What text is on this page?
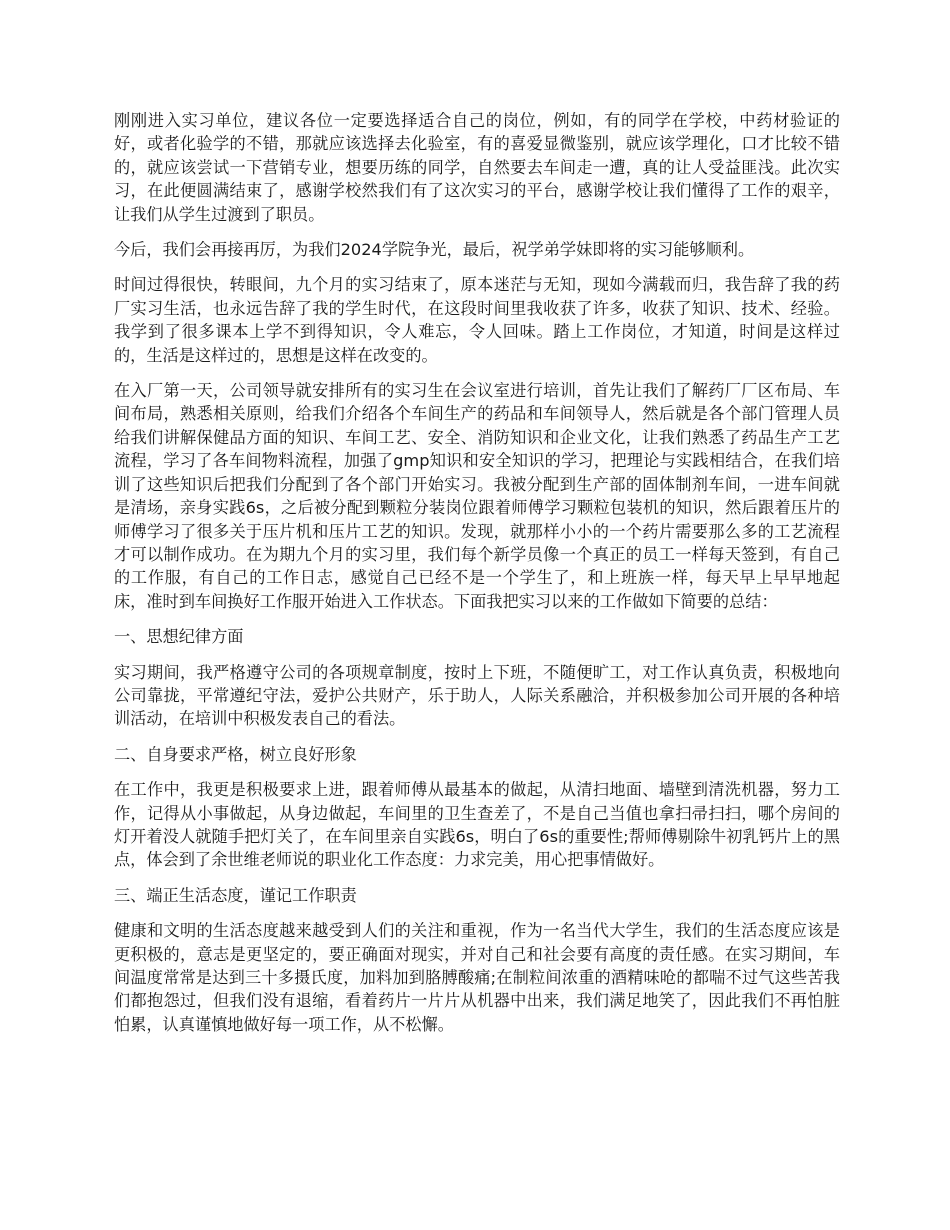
刚刚进入实习单位，建议各位一定要选择适合自己的岗位，例如，有的同学在学校，中药材验证的好，或者化验学的不错，那就应该选择去化验室，有的喜爱显微鉴别，就应该学理化，口才比较不错的，就应该尝试一下营销专业，想要历练的同学，自然要去车间走一遭，真的让人受益匪浅。此次实习，在此便圆满结束了，感谢学校然我们有了这次实习的平台，感谢学校让我们懂得了工作的艰辛，让我们从学生过渡到了职员。

今后，我们会再接再厉，为我们2024学院争光，最后，祝学弟学妹即将的实习能够顺利。

时间过得很快，转眼间，九个月的实习结束了，原本迷茫与无知，现如今满载而归，我告辞了我的药厂实习生活，也永远告辞了我的学生时代，在这段时间里我收获了许多，收获了知识、技术、经验。我学到了很多课本上学不到得知识，令人难忘，令人回味。踏上工作岗位，才知道，时间是这样过的，生活是这样过的，思想是这样在改变的。

在入厂第一天，公司领导就安排所有的实习生在会议室进行培训，首先让我们了解药厂厂区布局、车间布局，熟悉相关原则，给我们介绍各个车间生产的药品和车间领导人，然后就是各个部门管理人员给我们讲解保健品方面的知识、车间工艺、安全、消防知识和企业文化，让我们熟悉了药品生产工艺流程，学习了各车间物料流程，加强了gmp知识和安全知识的学习，把理论与实践相结合，在我们培训了这些知识后把我们分配到了各个部门开始实习。我被分配到生产部的固体制剂车间，一进车间就是清场，亲身实践6s，之后被分配到颗粒分装岗位跟着师傅学习颗粒包装机的知识，然后跟着压片的师傅学习了很多关于压片机和压片工艺的知识。发现，就那样小小的一个药片需要那么多的工艺流程才可以制作成功。在为期九个月的实习里，我们每个新学员像一个真正的员工一样每天签到，有自己的工作服，有自己的工作日志，感觉自己已经不是一个学生了，和上班族一样，每天早上早早地起床，准时到车间换好工作服开始进入工作状态。下面我把实习以来的工作做如下简要的总结：

一、思想纪律方面

实习期间，我严格遵守公司的各项规章制度，按时上下班，不随便旷工，对工作认真负责，积极地向公司靠拢，平常遵纪守法，爱护公共财产，乐于助人，人际关系融洽，并积极参加公司开展的各种培训活动，在培训中积极发表自己的看法。

二、自身要求严格，树立良好形象

在工作中，我更是积极要求上进，跟着师傅从最基本的做起，从清扫地面、墙壁到清洗机器，努力工作，记得从小事做起，从身边做起，车间里的卫生查差了，不是自己当值也拿扫帚扫扫，哪个房间的灯开着没人就随手把灯关了，在车间里亲自实践6s，明白了6s的重要性;帮师傅剔除牛初乳钙片上的黑点，体会到了余世维老师说的职业化工作态度：力求完美，用心把事情做好。

三、端正生活态度，谨记工作职责

健康和文明的生活态度越来越受到人们的关注和重视，作为一名当代大学生，我们的生活态度应该是更积极的，意志是更坚定的，要正确面对现实，并对自己和社会要有高度的责任感。在实习期间，车间温度常常是达到三十多摄氏度，加料加到胳膊酸痛;在制粒间浓重的酒精味呛的都喘不过气这些苦我们都抱怨过，但我们没有退缩，看着药片一片片从机器中出来，我们满足地笑了，因此我们不再怕脏怕累，认真谨慎地做好每一项工作，从不松懈。
